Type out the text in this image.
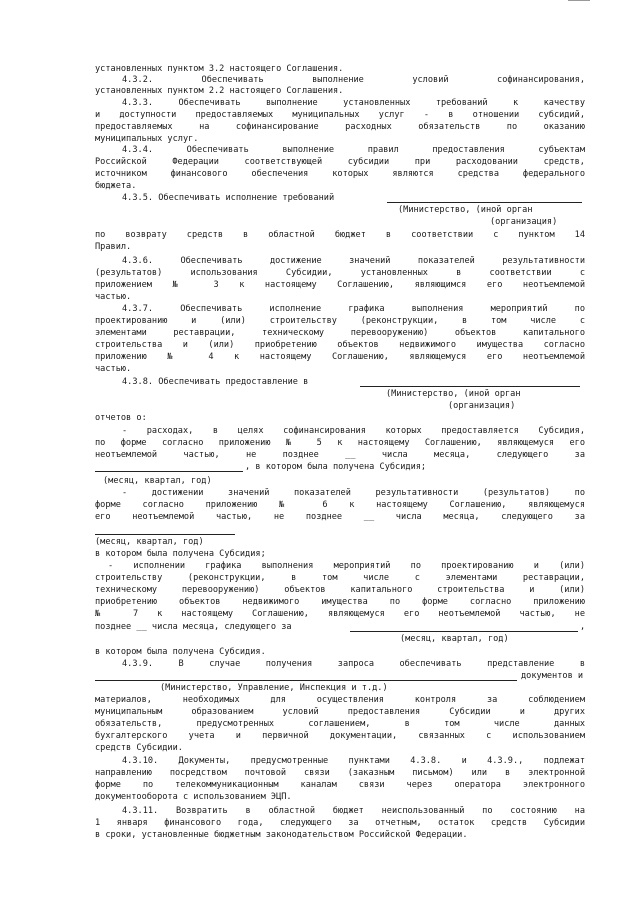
установленных пунктом 3.2 настоящего Соглашения.
4.3.2. Обеспечивать выполнение условий софинансирования,
установленных пунктом 2.2 настоящего Соглашения.
4.3.3. Обеспечивать выполнение установленных требований к качеству
и доступности предоставляемых муниципальных услуг - в отношении субсидий,
предоставляемых на софинансирование расходных обязательств по оказанию
муниципальных услуг.
4.3.4. Обеспечивать выполнение правил предоставления субъектам
Российской Федерации соответствующей субсидии при расходовании средств,
источником финансового обеспечения которых являются средства федерального
бюджета.
4.3.5. Обеспечивать исполнение требований
(Министерство, (иной орган
(организация)
по возврату средств в областной бюджет в соответствии с пунктом 14
Правил.
4.3.6. Обеспечивать достижение значений показателей результативности
(результатов) использования Субсидии, установленных в соответствии с
приложением № 3 к настоящему Соглашению, являющимся его неотъемлемой
частью.
4.3.7. Обеспечивать исполнение графика выполнения мероприятий по
проектированию и (или) строительству (реконструкции, в том числе с
элементами реставрации, техническому перевооружению) объектов капитального
строительства и (или) приобретению объектов недвижимого имущества согласно
приложению № 4 к настоящему Соглашению, являющемуся его неотъемлемой
частью.
4.3.8. Обеспечивать предоставление в
(Министерство, (иной орган
(организация)
отчетов о:
- расходах, в целях софинансирования которых предоставляется Субсидия,
по форме согласно приложению № 5 к настоящему Соглашению, являющемуся его
неотъемлемой частью, не позднее __ числа месяца, следующего за
, в котором была получена Субсидия;
(месяц, квартал, год)
- достижении значений показателей результативности (результатов) по
форме согласно приложению № 6 к настоящему Соглашению, являющемуся
его неотъемлемой частью, не позднее __ числа месяца, следующего за
(месяц, квартал, год)
в котором была получена Субсидия;
- исполнении графика выполнения мероприятий по проектированию и (или)
строительству (реконструкции, в том числе с элементами реставрации,
техническому перевооружению) объектов капитального строительства и (или)
приобретению объектов недвижимого имущества по форме согласно приложению
№ 7 к настоящему Соглашению, являющемуся его неотъемлемой частью, не
позднее __ числа месяца, следующего за	,
(месяц, квартал, год)
в котором была получена Субсидия.
4.3.9. В случае получения запроса обеспечивать представление в
документов и
(Министерство, Управление, Инспекция и т.д.)
материалов, необходимых для осуществления контроля за соблюдением
муниципальным образованием условий предоставления Субсидии и других
обязательств, предусмотренных соглашением, в том числе данных
бухгалтерского учета и первичной документации, связанных с использованием
средств Субсидии.
4.3.10. Документы, предусмотренные пунктами 4.3.8. и 4.3.9., подлежат
направлению посредством почтовой связи (заказным письмом) или в электронной
форме по телекоммуникационным каналам связи через оператора электронного
документооборота с использованием ЭЦП.
4.3.11. Возвратить в областной бюджет неиспользованный по состоянию на
1 января финансового года, следующего за отчетным, остаток средств Субсидии
в сроки, установленные бюджетным законодательством Российской Федерации.
